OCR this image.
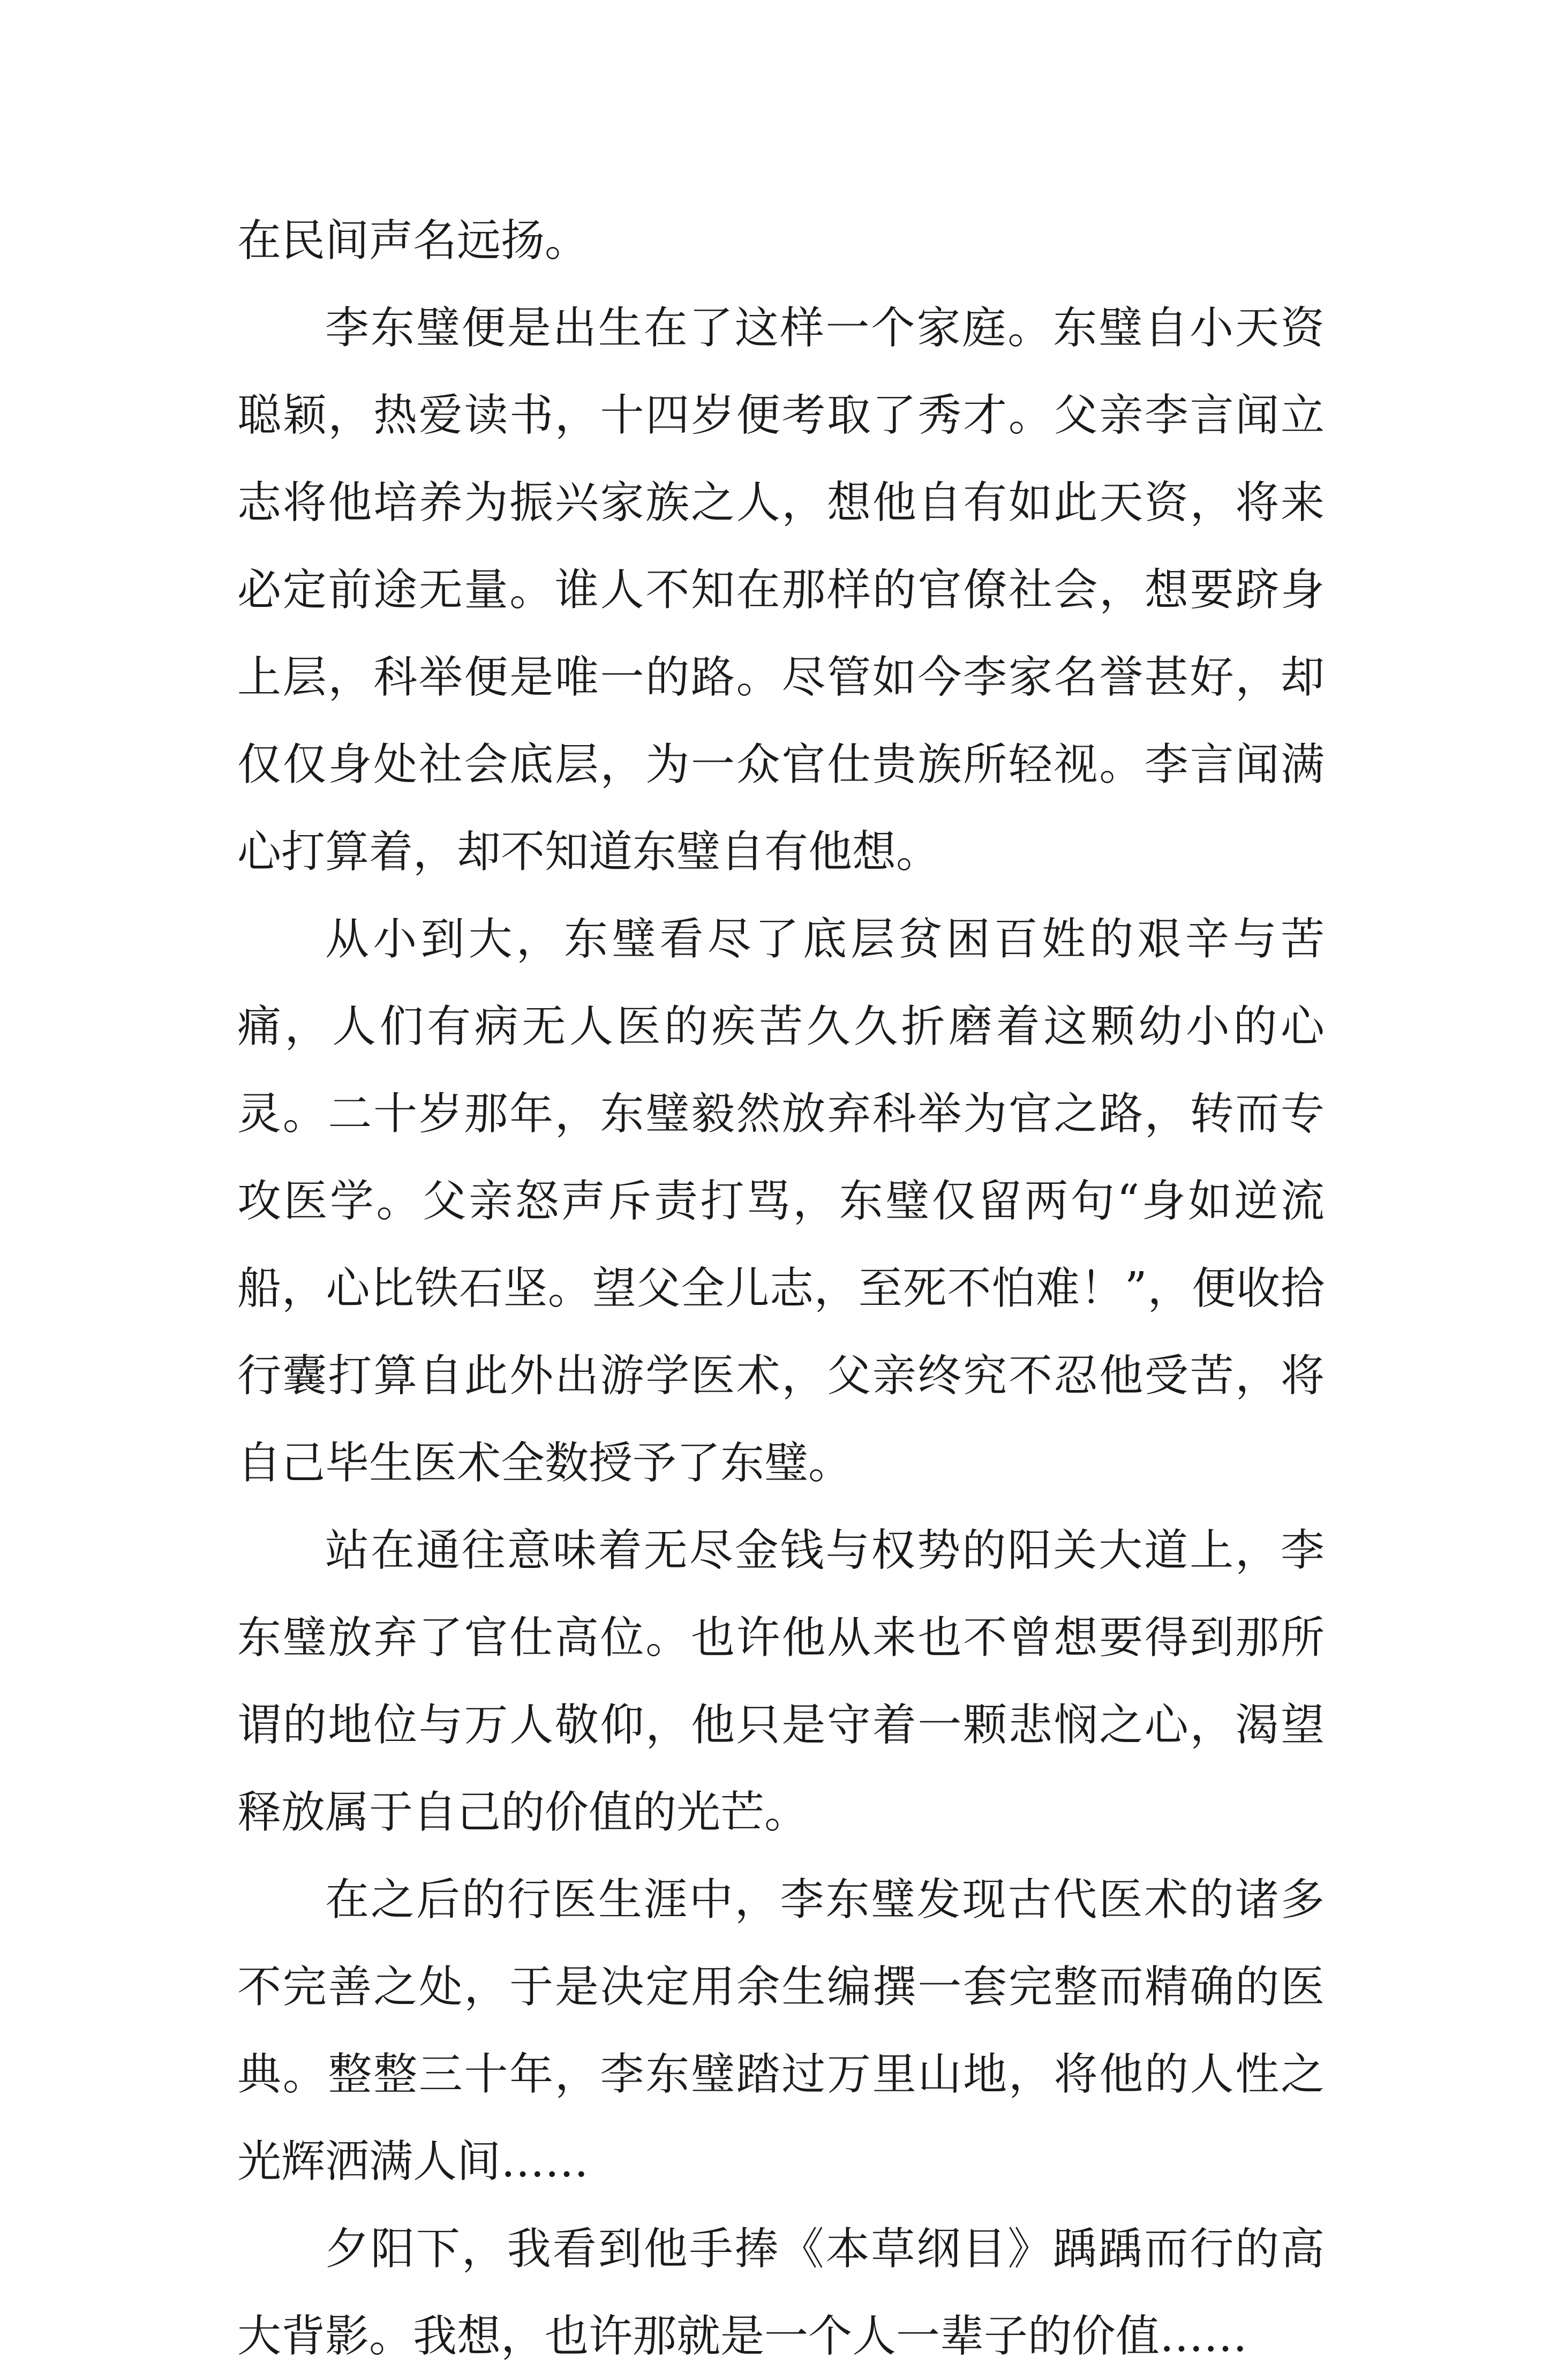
在民间声名远扬。

李东璧便是出生在了这样一个家庭。东璧自小天资聪颖，热爱读书，十四岁便考取了秀才。父亲李言闻立志将他培养为振兴家族之人，想他自有如此天资，将来必定前途无量。谁人不知在那样的官僚社会，想要跻身上层，科举便是唯一的路。尽管如今李家名誉甚好，却仅仅身处社会底层，为一众官仕贵族所轻视。李言闻满心打算着，却不知道东璧自有他想。

从小到大，东璧看尽了底层贫困百姓的艰辛与苦痛，人们有病无人医的疾苦久久折磨着这颗幼小的心灵。二十岁那年，东璧毅然放弃科举为官之路，转而专攻医学。父亲怒声斥责打骂，东璧仅留两句“身如逆流船，心比铁石坚。望父全儿志，至死不怕难！”，便收拾行囊打算自此外出游学医术，父亲终究不忍他受苦，将自己毕生医术全数授予了东璧。

站在通往意味着无尽金钱与权势的阳关大道上，李东璧放弃了官仕高位。也许他从来也不曾想要得到那所谓的地位与万人敬仰，他只是守着一颗悲悯之心，渴望释放属于自己的价值的光芒。

在之后的行医生涯中，李东璧发现古代医术的诸多不完善之处，于是决定用余生编撰一套完整而精确的医典。整整三十年，李东璧踏过万里山地，将他的人性之光辉洒满人间……

夕阳下，我看到他手捧《本草纲目》踽踽而行的高大背影。我想，也许那就是一个人一辈子的价值……
